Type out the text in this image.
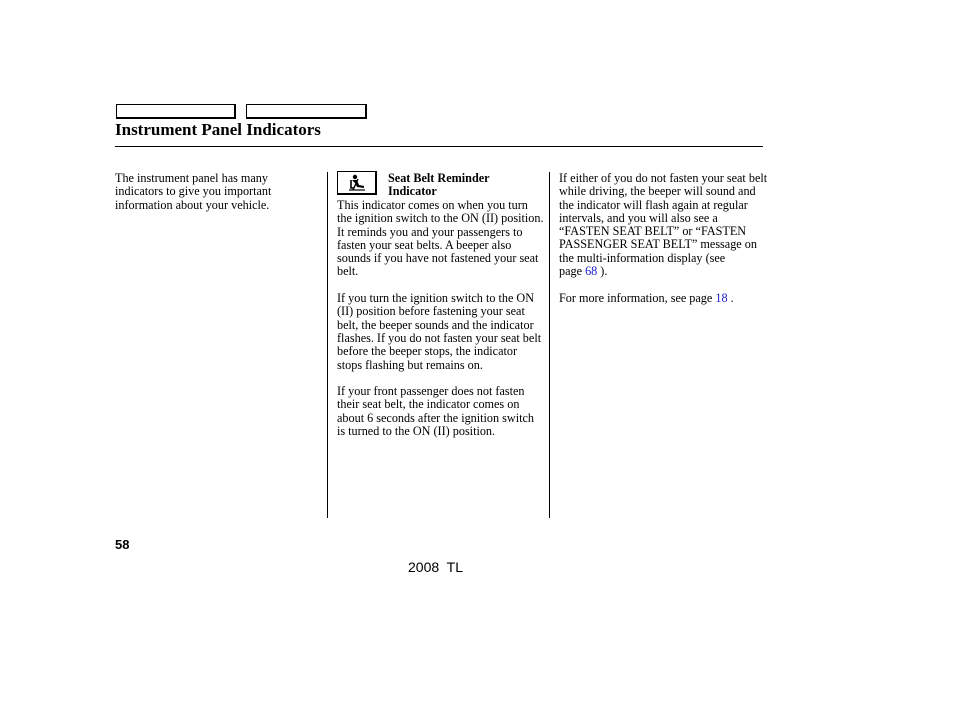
Instrument Panel Indicators

The instrument panel has many indicators to give you important information about your vehicle.

Seat Belt Reminder Indicator

This indicator comes on when you turn the ignition switch to the ON (II) position. It reminds you and your passengers to fasten your seat belts. A beeper also sounds if you have not fastened your seat belt.

If you turn the ignition switch to the ON (II) position before fastening your seat belt, the beeper sounds and the indicator flashes. If you do not fasten your seat belt before the beeper stops, the indicator stops flashing but remains on.

If your front passenger does not fasten their seat belt, the indicator comes on about 6 seconds after the ignition switch is turned to the ON (II) position.

If either of you do not fasten your seat belt while driving, the beeper will sound and the indicator will flash again at regular intervals, and you will also see a “FASTEN SEAT BELT” or “FASTEN PASSENGER SEAT BELT” message on the multi-information display (see page 68 ).

For more information, see page 18 .

58
2008  TL
